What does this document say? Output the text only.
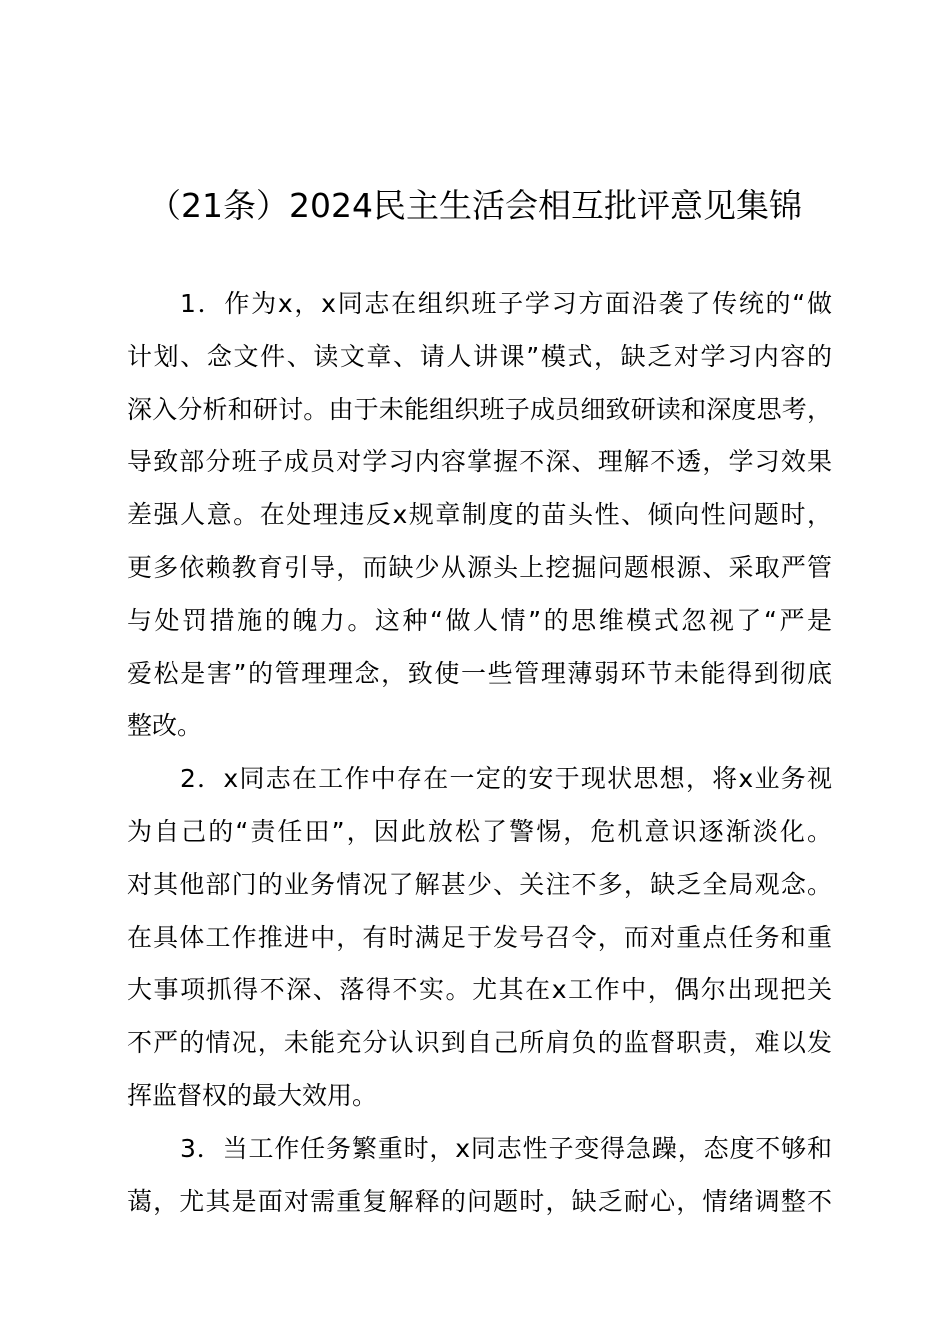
（21条）2024民主生活会相互批评意见集锦
1．作为x，x同志在组织班子学习方面沿袭了传统的“做
计划、念文件、读文章、请人讲课”模式，缺乏对学习内容的
深入分析和研讨。由于未能组织班子成员细致研读和深度思考，
导致部分班子成员对学习内容掌握不深、理解不透，学习效果
差强人意。在处理违反x规章制度的苗头性、倾向性问题时，
更多依赖教育引导，而缺少从源头上挖掘问题根源、采取严管
与处罚措施的魄力。这种“做人情”的思维模式忽视了“严是
爱松是害”的管理理念，致使一些管理薄弱环节未能得到彻底
整改。
2．x同志在工作中存在一定的安于现状思想，将x业务视
为自己的“责任田”，因此放松了警惕，危机意识逐渐淡化。
对其他部门的业务情况了解甚少、关注不多，缺乏全局观念。
在具体工作推进中，有时满足于发号召令，而对重点任务和重
大事项抓得不深、落得不实。尤其在x工作中，偶尔出现把关
不严的情况，未能充分认识到自己所肩负的监督职责，难以发
挥监督权的最大效用。
3．当工作任务繁重时，x同志性子变得急躁，态度不够和
蔼，尤其是面对需重复解释的问题时，缺乏耐心，情绪调整不
